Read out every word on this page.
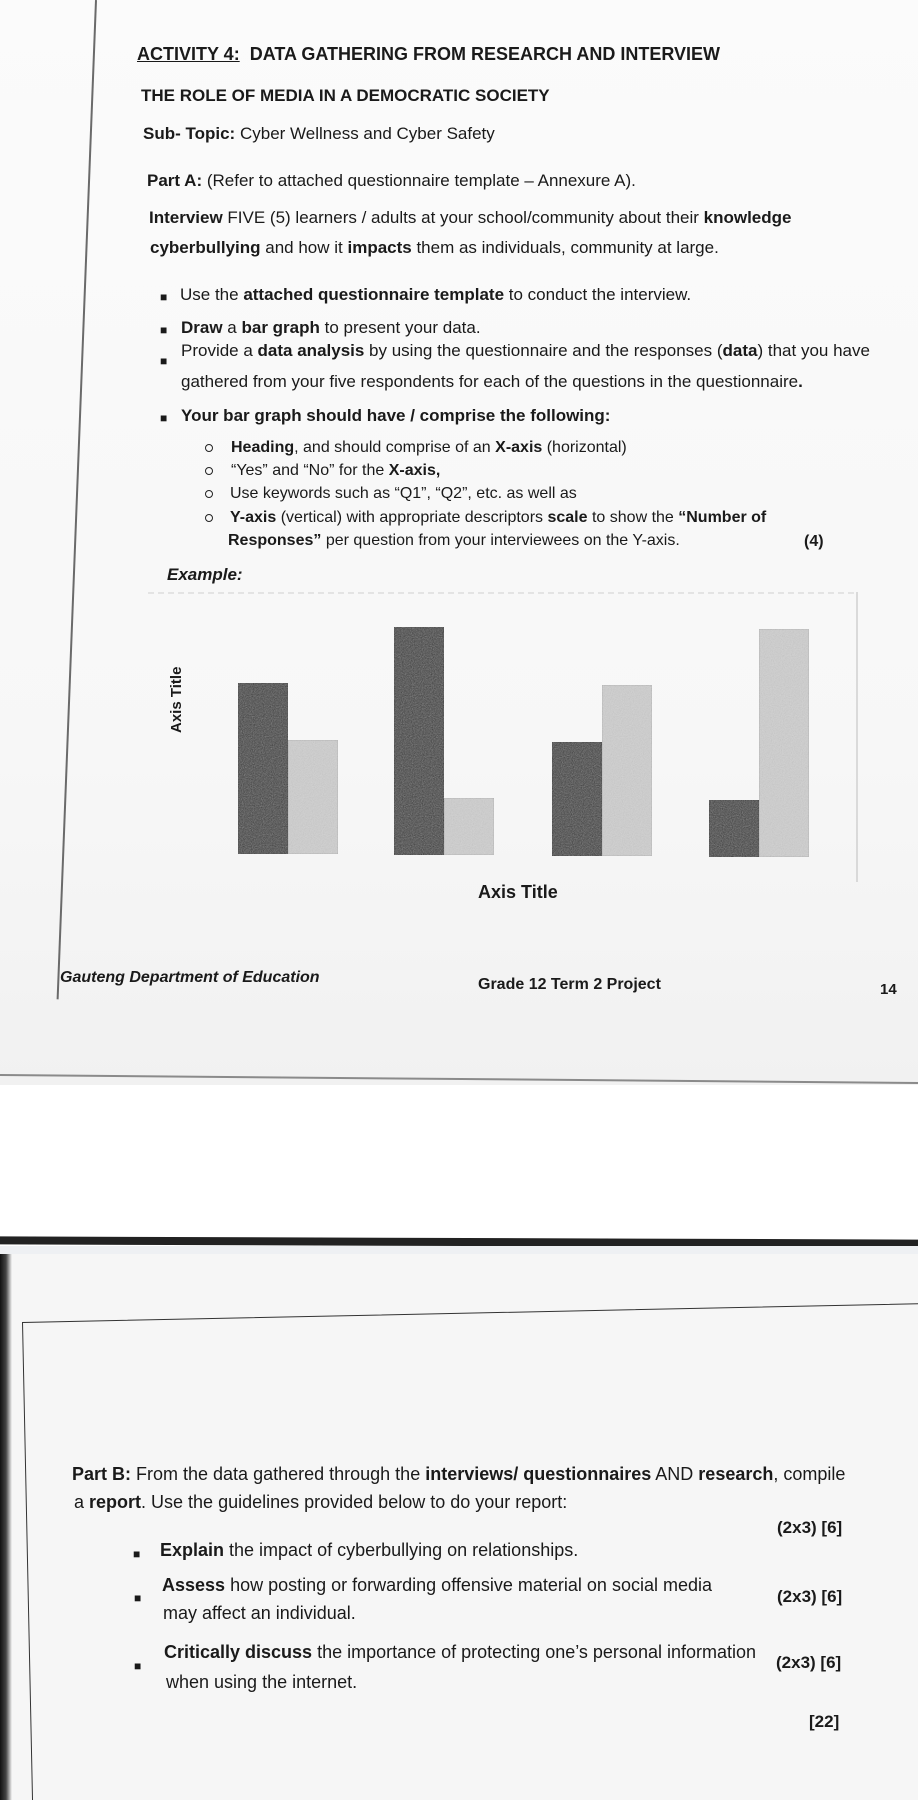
ACTIVITY 4: DATA GATHERING FROM RESEARCH AND INTERVIEW
THE ROLE OF MEDIA IN A DEMOCRATIC SOCIETY
Sub- Topic: Cyber Wellness and Cyber Safety
Part A: (Refer to attached questionnaire template – Annexure A).
Interview FIVE (5) learners / adults at your school/community about their knowledge
cyberbullying and how it impacts them as individuals, community at large.
■ Use the attached questionnaire template to conduct the interview.
■ Draw a bar graph to present your data.
■
Provide a data analysis by using the questionnaire and the responses (data) that you have
gathered from your five respondents for each of the questions in the questionnaire.
■ Your bar graph should have / comprise the following:
Heading, and should comprise of an X-axis (horizontal)
“Yes” and “No” for the X-axis,
Use keywords such as “Q1”, “Q2”, etc. as well as
Y-axis (vertical) with appropriate descriptors scale to show the “Number of
Responses” per question from your interviewees on the Y-axis.	(4)
Example:
Axis Title
Axis Title
Gauteng Department of Education	Grade 12 Term 2 Project	14
Part B: From the data gathered through the interviews/ questionnaires AND research, compile
a report. Use the guidelines provided below to do your report:
■ Explain the impact of cyberbullying on relationships.
(2x3) [6]
■
Assess how posting or forwarding offensive material on social media
may affect an individual.
(2x3) [6]
■
Critically discuss the importance of protecting one’s personal information
when using the internet.
(2x3) [6]
[22]
